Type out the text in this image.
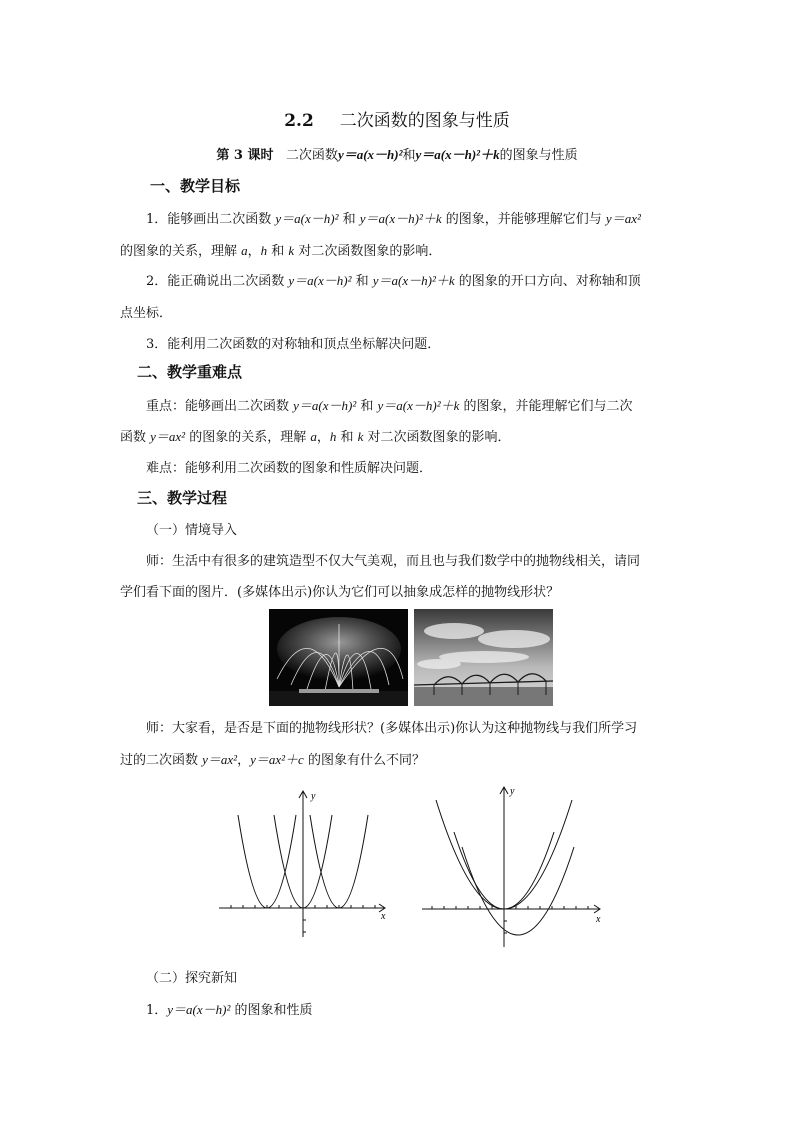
2.2 二次函数的图象与性质
第 3 课时 二次函数y＝a(x－h)²和y＝a(x－h)²＋k的图象与性质
一、教学目标
1．能够画出二次函数 y＝a(x－h)² 和 y＝a(x－h)²＋k 的图象，并能够理解它们与 y＝ax²
的图象的关系，理解 a，h 和 k 对二次函数图象的影响．
2．能正确说出二次函数 y＝a(x－h)² 和 y＝a(x－h)²＋k 的图象的开口方向、对称轴和顶
点坐标．
3．能利用二次函数的对称轴和顶点坐标解决问题．
二、教学重难点
重点：能够画出二次函数 y＝a(x－h)² 和 y＝a(x－h)²＋k 的图象，并能理解它们与二次
函数 y＝ax² 的图象的关系，理解 a，h 和 k 对二次函数图象的影响．
难点：能够利用二次函数的图象和性质解决问题．
三、教学过程
（一）情境导入
师：生活中有很多的建筑造型不仅大气美观，而且也与我们数学中的抛物线相关，请同
学们看下面的图片．(多媒体出示)你认为它们可以抽象成怎样的抛物线形状？
师：大家看，是否是下面的抛物线形状？(多媒体出示)你认为这种抛物线与我们所学习
过的二次函数 y＝ax²，y＝ax²＋c 的图象有什么不同？
y
x
y
x
（二）探究新知
1．y＝a(x－h)² 的图象和性质
